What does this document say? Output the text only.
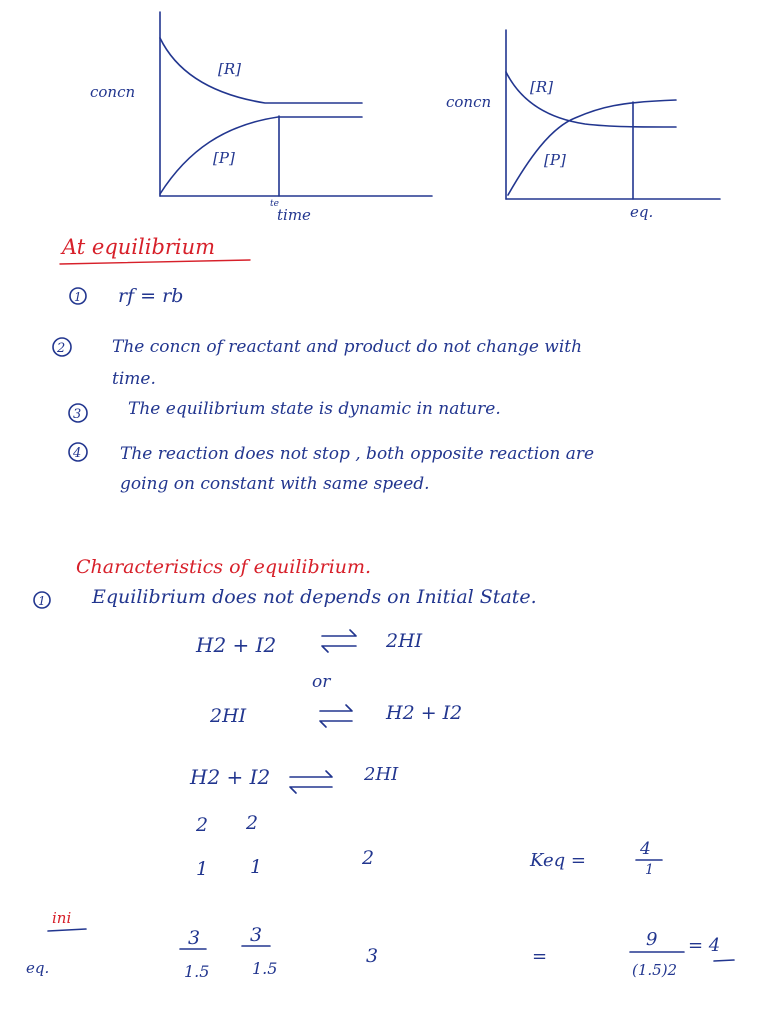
concn
[R]
[P]
te
time
concn
[R]
[P]
eq.
At equilibrium
1 rf = rb
2	The concn of reactant and product do not change with
time.
3	The equilibrium state is dynamic in nature.
4 The reaction does not stop , both opposite reaction are
going on constant with same speed.
Characteristics of equilibrium.
1 Equilibrium does not depends on Initial State.
H2 + I2	2HI
or
2HI	H2 + I2
H2 + I2	2HI
2 2
1 1	2	Keq =
4
1
ini
eq.
3	3
3
1.5	1.5
=
9
(1.5)2
= 4
